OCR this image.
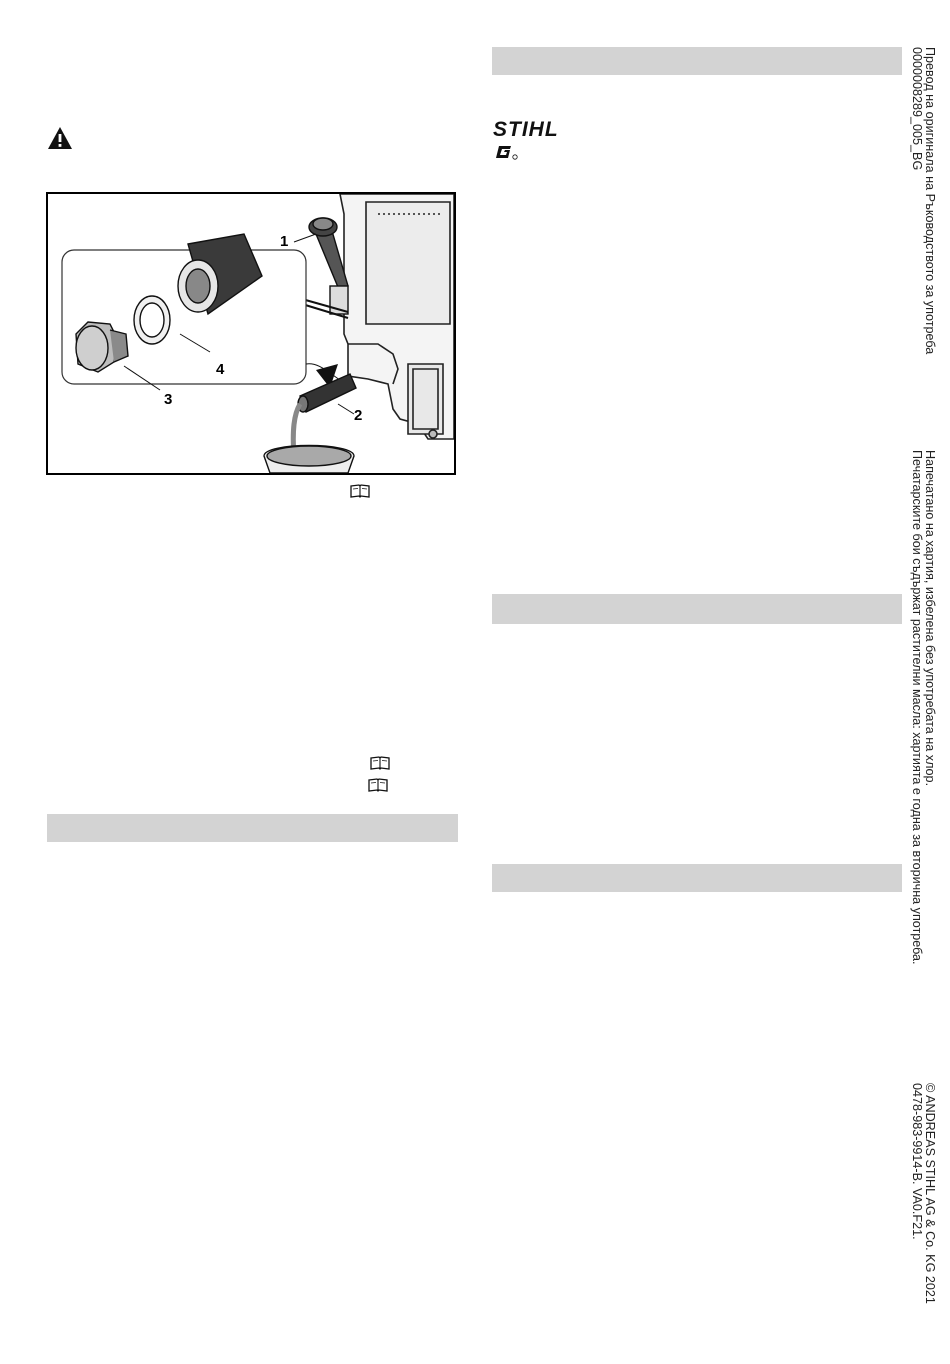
1
2
3
4
STIHL	Превод на оригинала на Ръководството за употреба
0000008289_005_BG
Напечатано на хартия, избелена без употребата на хлор.
Печатарските бои съдържат растителни масла: хартията е годна за вторична употреба.
© ANDREAS STIHL AG & Co. KG 2021
0478-983-9914-B. VA0.F21.
